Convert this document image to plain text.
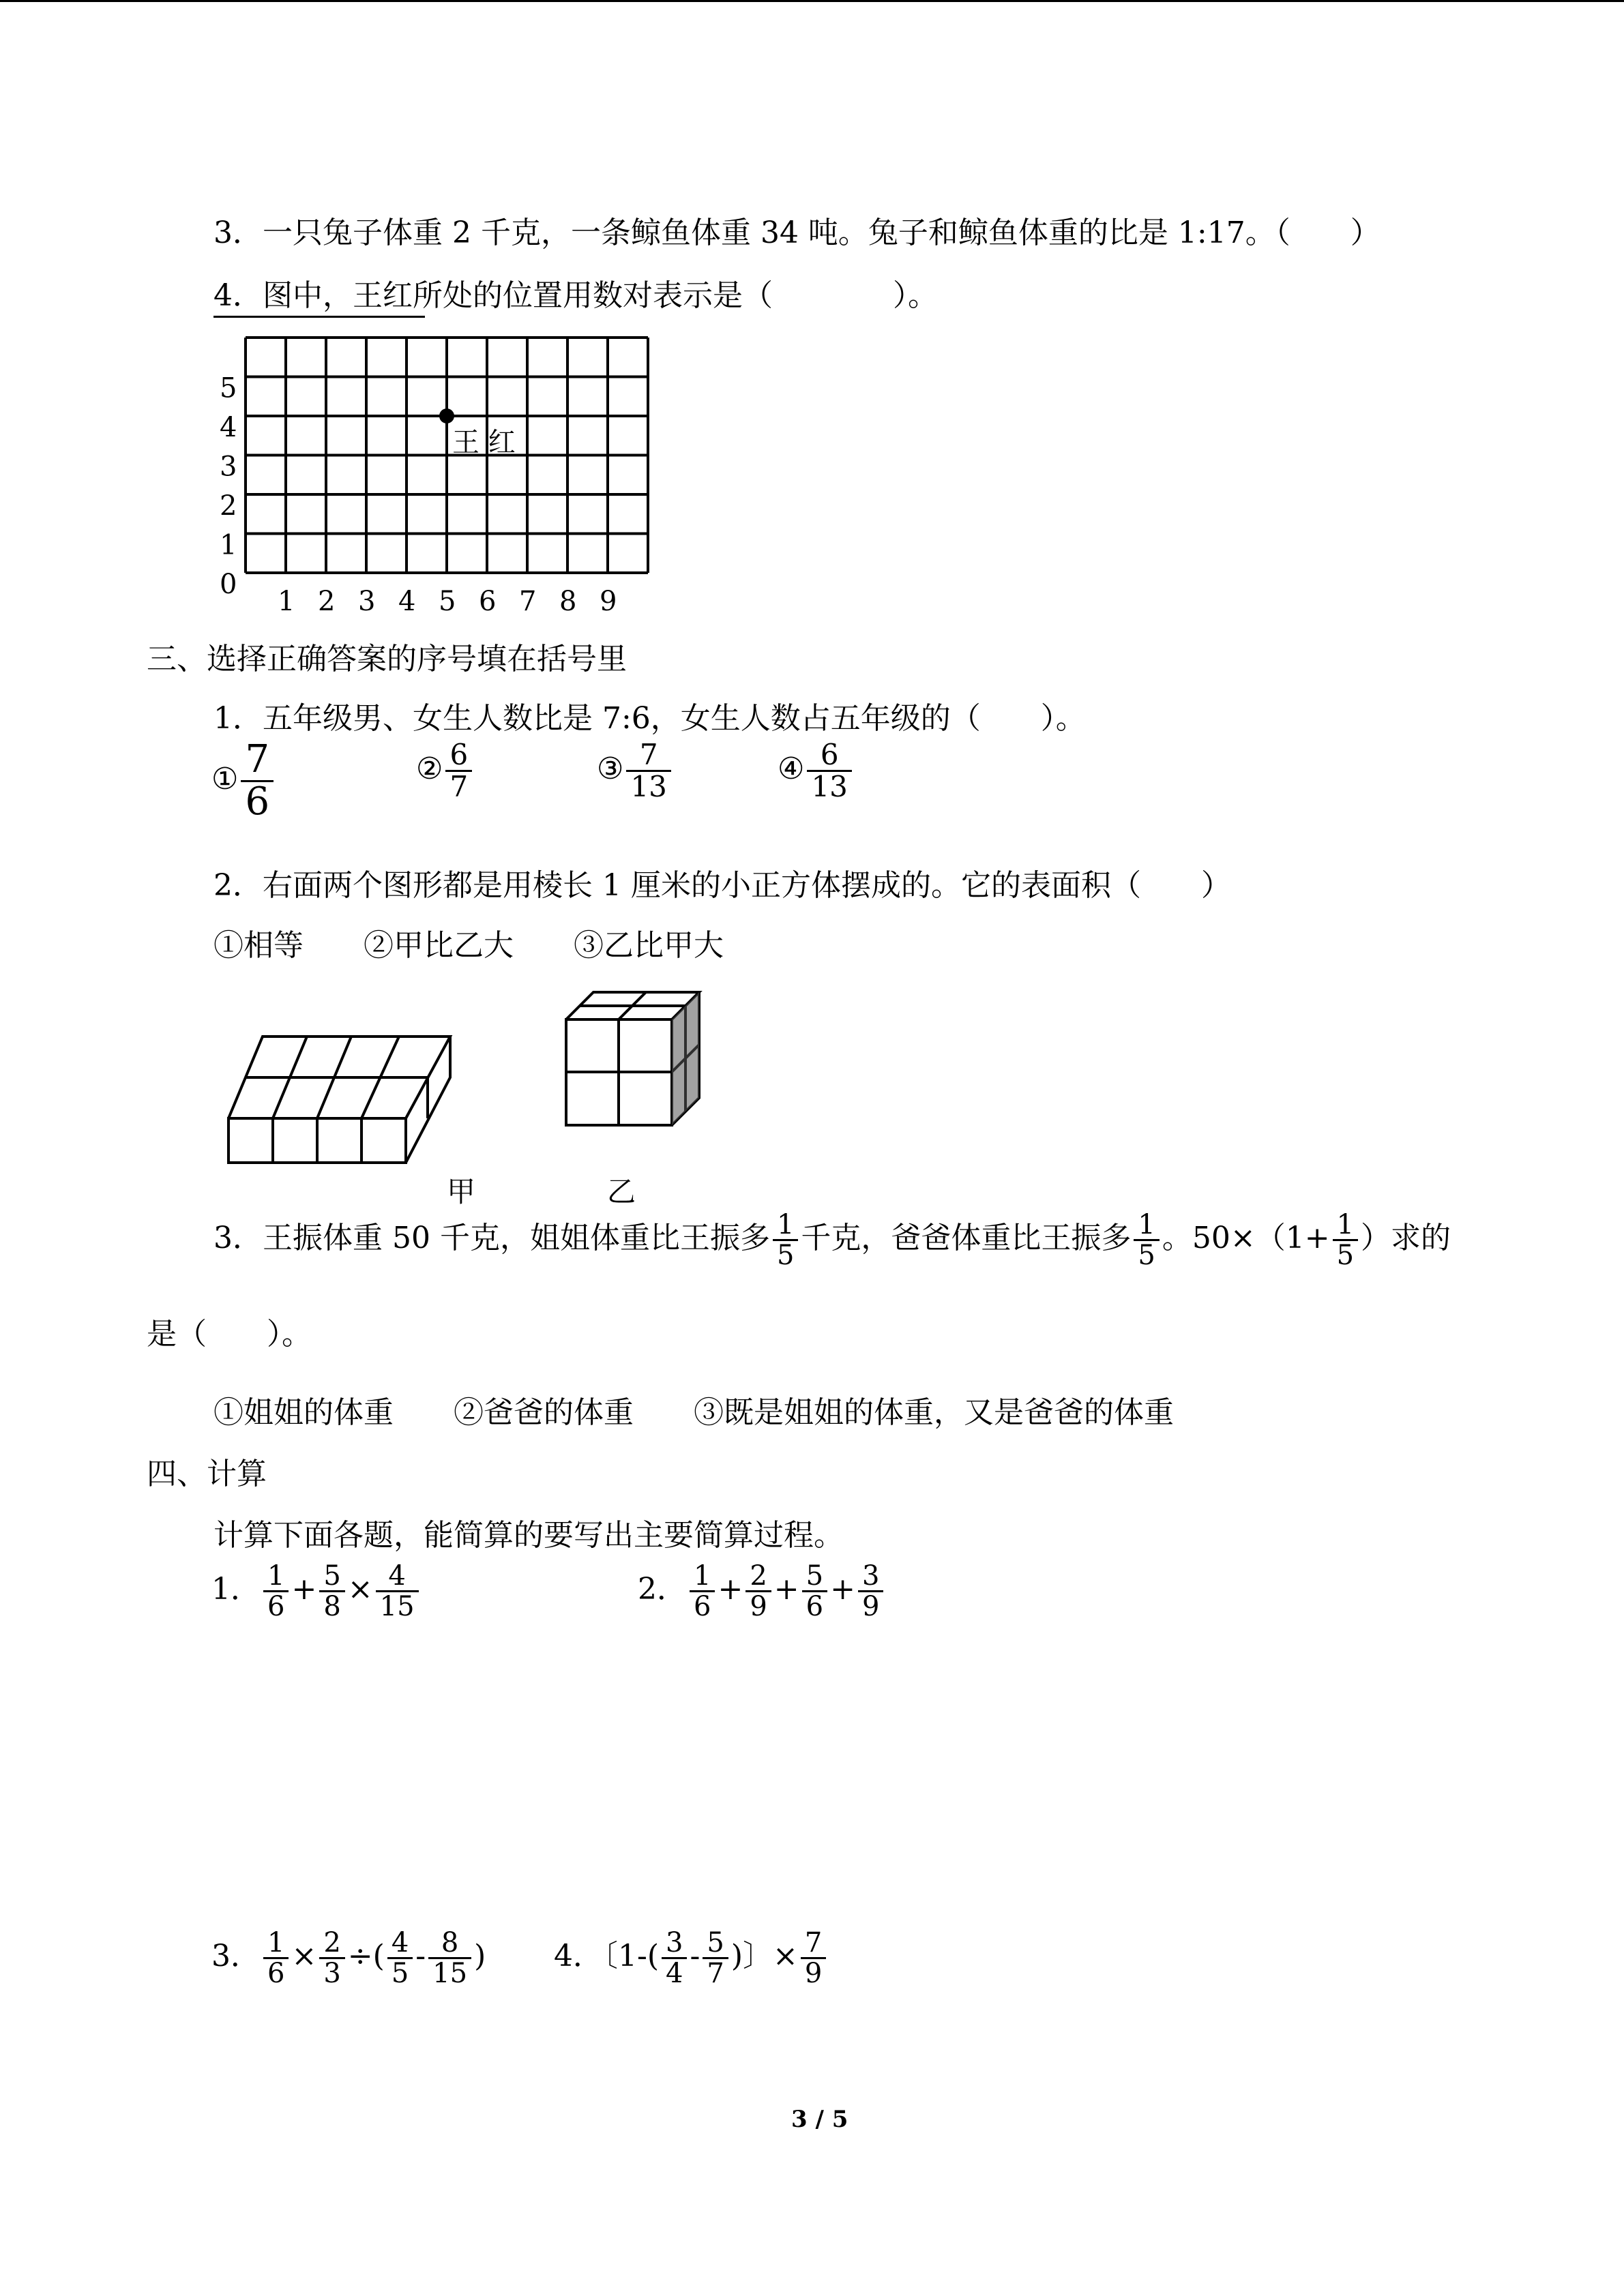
3．一只兔子体重 2 千克，一条鲸鱼体重 34 吨。兔子和鲸鱼体重的比是 1:17。（　　）
4．图中，王红所处的位置用数对表示是（　　　　）。
0
1
2
3
4
5
1 2 3 4 5 6 7 8 9
王 红
三、选择正确答案的序号填在括号里
1．五年级男、女生人数比是 7:6，女生人数占五年级的（　　）。
① $\frac{7}{6}$	② $\frac{6}{7}$	③ $\frac{7}{13}$	④ $\frac{6}{13}$
2．右面两个图形都是用棱长 1 厘米的小正方体摆成的。它的表面积（　　）
①相等　　②甲比乙大　　③乙比甲大
甲	乙
3．王振体重 50 千克，姐姐体重比王振多 $\frac{1}{5}$ 千克，爸爸体重比王振多 $\frac{1}{5}$ 。$50\times(1+ \frac{1}{5}$ ）求的
是（　　）。
①姐姐的体重　　②爸爸的体重　　③既是姐姐的体重，又是爸爸的体重
四、计算
计算下面各题，能简算的要写出主要简算过程。
1． $\frac{1}{6} + \frac{5}{8} \times \frac{4}{15}$	2． $\frac{1}{6} + \frac{2}{9} + \frac{5}{6} + \frac{3}{9}$
3． $\frac{1}{6} \times \frac{2}{3}$ ÷( $\frac{4}{5} - \frac{8}{15}$ ) 4．〔$1-( \frac{3}{4} - \frac{5}{7}$ )〕× $\frac{7}{9}$
3 / 5
